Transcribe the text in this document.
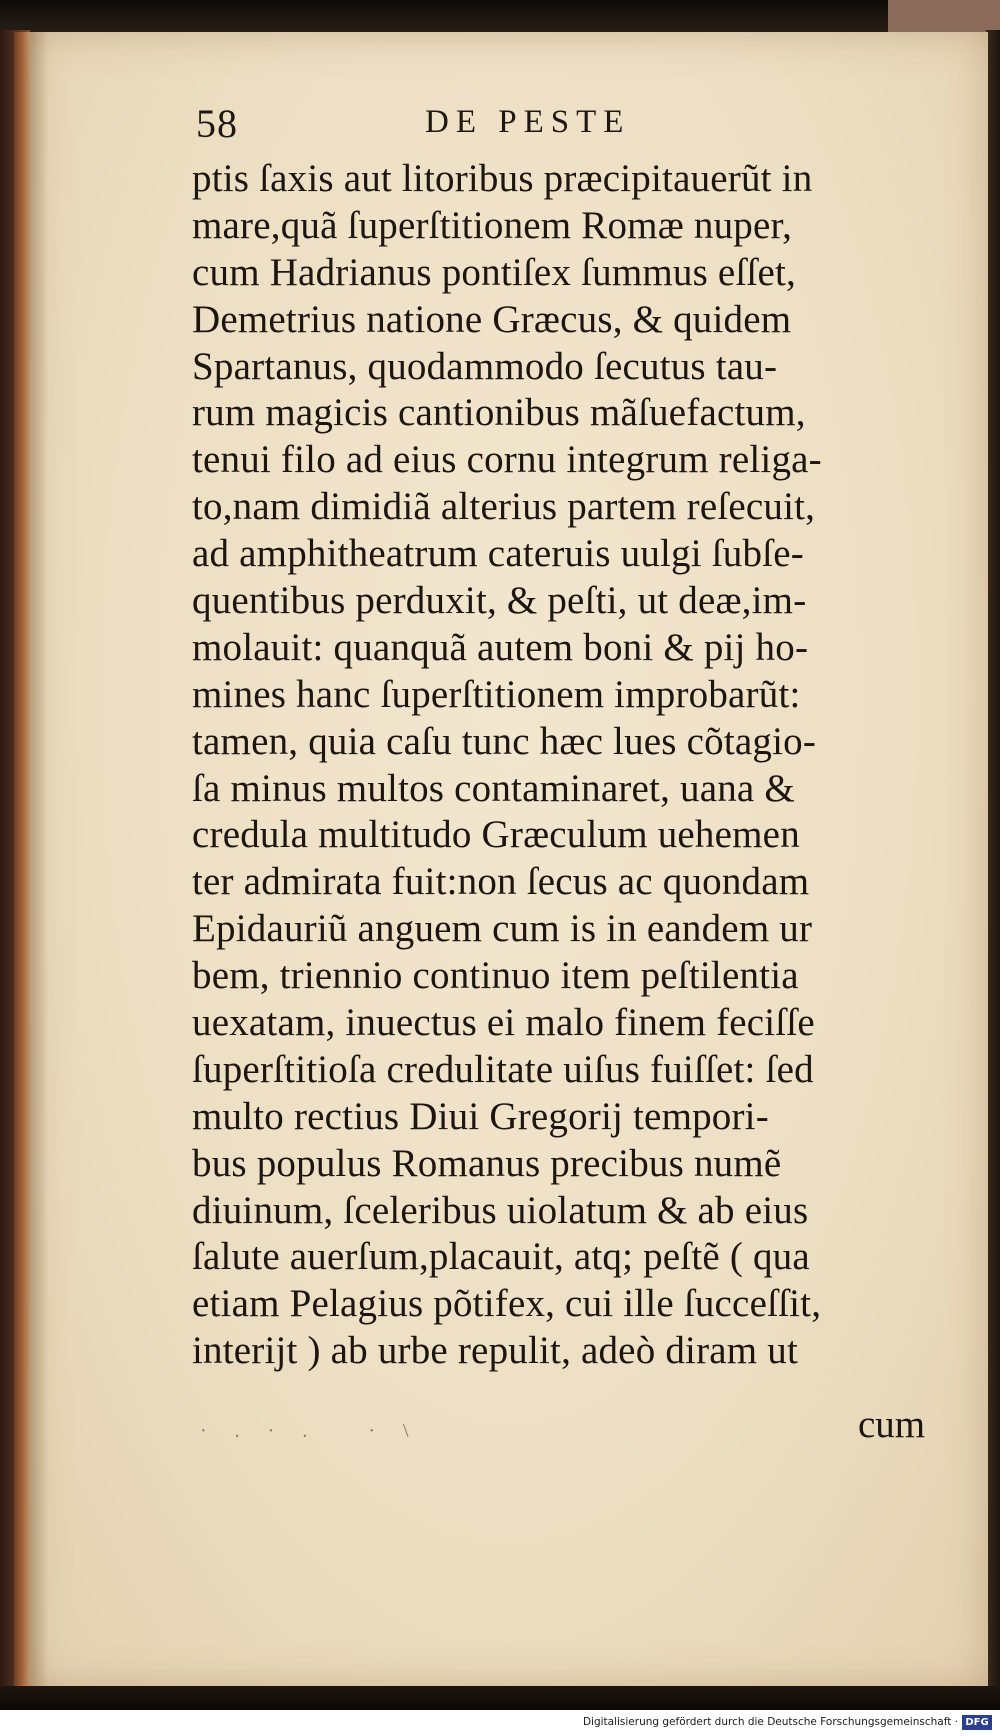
58	DE PESTE
ptis ſaxis aut litoribus præcipitauerũt in
mare,quã ſuperſtitionem Romæ nuper,
cum Hadrianus pontiſex ſummus eſſet,
Demetrius natione Græcus, & quidem
Spartanus, quodammodo ſecutus tau-
rum magicis cantionibus mãſuefactum,
tenui filo ad eius cornu integrum religa-
to,nam dimidiã alterius partem reſecuit,
ad amphitheatrum cateruis uulgi ſubſe-
quentibus perduxit, & peſti, ut deæ,im-
molauit: quanquã autem boni & pij ho-
mines hanc ſuperſtitionem improbarũt:
tamen, quia caſu tunc hæc lues cõtagio-
ſa minus multos contaminaret, uana &
credula multitudo Græculum uehemen
ter admirata fuit:non ſecus ac quondam
Epidauriũ anguem cum is in eandem ur
bem, triennio continuo item peſtilentia
uexatam, inuectus ei malo finem feciſſe
ſuperſtitioſa credulitate uiſus fuiſſet: ſed
multo rectius Diui Gregorij tempori-
bus populus Romanus precibus numẽ
diuinum, ſceleribus uiolatum & ab eius
ſalute auerſum,placauit, atq; peſtẽ ( qua
etiam Pelagius põtifex, cui ille ſucceſſit,
interijt ) ab urbe repulit, adeò diram ut
cum
·.·. ·\
Digitalisierung gefördert durch die Deutsche Forschungsgemeinschaft · DFG
